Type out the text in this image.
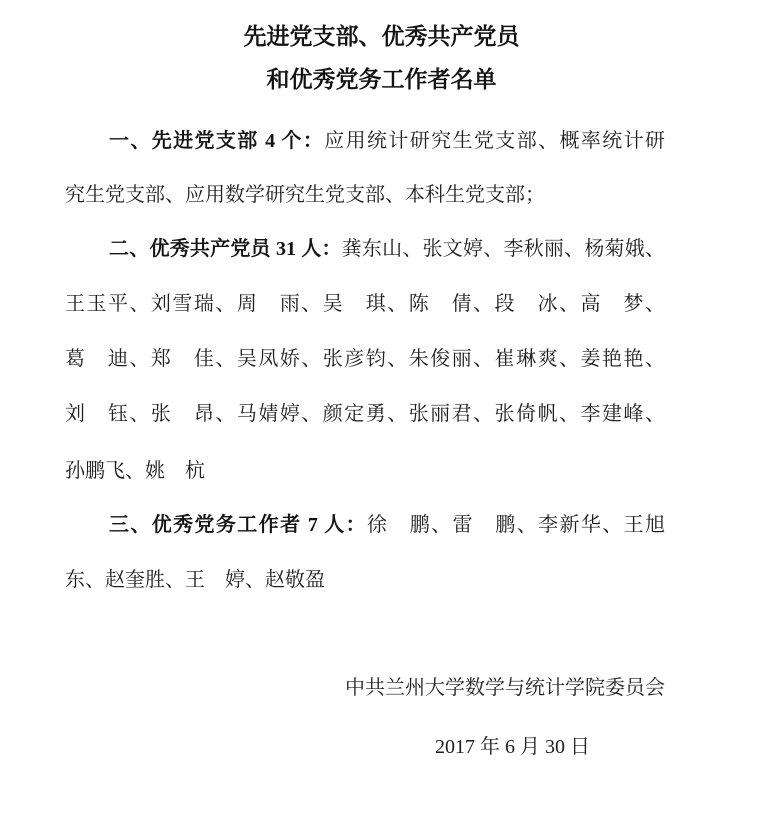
先进党支部、优秀共产党员
和优秀党务工作者名单
一、先进党支部 4 个：应用统计研究生党支部、概率统计研
究生党支部、应用数学研究生党支部、本科生党支部；
二、优秀共产党员 31 人：龚东山、张文婷、李秋丽、杨菊娥、
王玉平、刘雪瑞、周　雨、吴　琪、陈　倩、段　冰、高　梦、
葛　迪、郑　佳、吴凤娇、张彦钧、朱俊丽、崔琳爽、姜艳艳、
刘　钰、张　昂、马婧婷、颜定勇、张丽君、张倚帆、李建峰、
孙鹏飞、姚　杭
三、优秀党务工作者 7 人：徐　鹏、雷　鹏、李新华、王旭
东、赵奎胜、王　婷、赵敬盈
中共兰州大学数学与统计学院委员会
2017 年 6 月 30 日
